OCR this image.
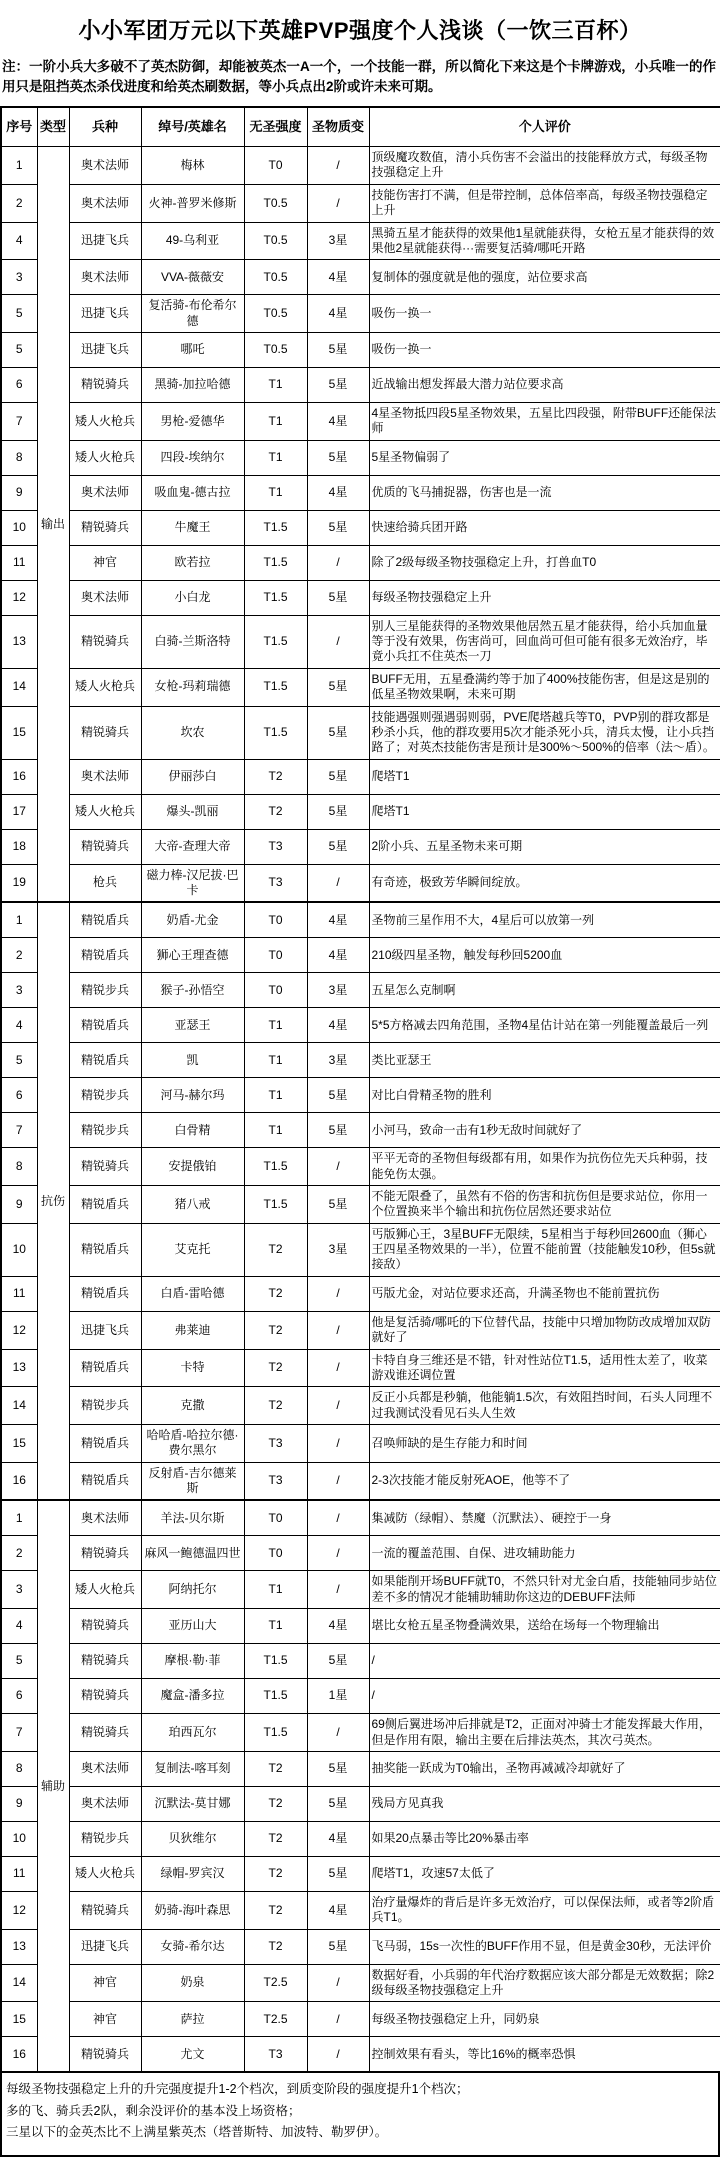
小小军团万元以下英雄PVP强度个人浅谈（一饮三百杯）
注：一阶小兵大多破不了英杰防御，却能被英杰一A一个，一个技能一群，所以简化下来这是个卡牌游戏，小兵唯一的作用只是阻挡英杰杀伐进度和给英杰刷数据，等小兵点出2阶或许未来可期。
序号	类型	兵种	绰号/英雄名	无圣强度	圣物质变	个人评价
1	输出	奥术法师	梅林	T0	/	顶级魔攻数值，清小兵伤害不会溢出的技能释放方式，每级圣物技强稳定上升
2		奥术法师	火神-普罗米修斯	T0.5	/	技能伤害打不满，但是带控制，总体倍率高，每级圣物技强稳定上升
4		迅捷飞兵	49-乌利亚	T0.5	3星	黑骑五星才能获得的效果他1星就能获得，女枪五星才能获得的效果他2星就能获得···需要复活骑/哪吒开路
3		奥术法师	VVA-薇薇安	T0.5	4星	复制体的强度就是他的强度，站位要求高
5		迅捷飞兵	复活骑-布伦希尔德	T0.5	4星	吸伤一换一
5		迅捷飞兵	哪吒	T0.5	5星	吸伤一换一
6		精锐骑兵	黑骑-加拉哈德	T1	5星	近战输出想发挥最大潜力站位要求高
7		矮人火枪兵	男枪-爱德华	T1	4星	4星圣物抵四段5星圣物效果，五星比四段强，附带BUFF还能保法师
8		矮人火枪兵	四段-埃纳尔	T1	5星	5星圣物偏弱了
9		奥术法师	吸血鬼-德古拉	T1	4星	优质的飞马捕捉器，伤害也是一流
10		精锐骑兵	牛魔王	T1.5	5星	快速给骑兵团开路
11		神官	欧若拉	T1.5	/	除了2级每级圣物技强稳定上升，打兽血T0
12		奥术法师	小白龙	T1.5	5星	每级圣物技强稳定上升
13		精锐骑兵	白骑-兰斯洛特	T1.5	/	别人三星能获得的圣物效果他居然五星才能获得，给小兵加血量等于没有效果，伤害尚可，回血尚可但可能有很多无效治疗，毕竟小兵扛不住英杰一刀
14		矮人火枪兵	女枪-玛莉瑞德	T1.5	5星	BUFF无用，五星叠满约等于加了400%技能伤害，但是这是别的低星圣物效果啊，未来可期
15		精锐骑兵	坎农	T1.5	5星	技能遇强则强遇弱则弱，PVE爬塔越兵等T0，PVP别的群攻都是秒杀小兵，他的群攻要用5次才能杀死小兵，清兵太慢，让小兵挡路了；对英杰技能伤害是预计是300%～500%的倍率（法～盾）。
16		奥术法师	伊丽莎白	T2	5星	爬塔T1
17		矮人火枪兵	爆头-凯丽	T2	5星	爬塔T1
18		精锐骑兵	大帝-查理大帝	T3	5星	2阶小兵、五星圣物未来可期
19		枪兵	磁力棒-汉尼拔·巴卡	T3	/	有奇迹，极致芳华瞬间绽放。
1	抗伤	精锐盾兵	奶盾-尤金	T0	4星	圣物前三星作用不大，4星后可以放第一列
2		精锐盾兵	狮心王理查德	T0	4星	210级四星圣物，触发每秒回5200血
3		精锐步兵	猴子-孙悟空	T0	3星	五星怎么克制啊
4		精锐盾兵	亚瑟王	T1	4星	5*5方格减去四角范围，圣物4星估计站在第一列能覆盖最后一列
5		精锐盾兵	凯	T1	3星	类比亚瑟王
6		精锐步兵	河马-赫尔玛	T1	5星	对比白骨精圣物的胜利
7		精锐步兵	白骨精	T1	5星	小河马，致命一击有1秒无敌时间就好了
8		精锐骑兵	安提俄铂	T1.5	/	平平无奇的圣物但每级都有用，如果作为抗伤位先天兵种弱，技能免伤太强。
9		精锐盾兵	猪八戒	T1.5	5星	不能无限叠了，虽然有不俗的伤害和抗伤但是要求站位，你用一个位置换来半个输出和抗伤位居然还要求站位
10		精锐盾兵	艾克托	T2	3星	丐版狮心王，3星BUFF无限续，5星相当于每秒回2600血（狮心王四星圣物效果的一半），位置不能前置（技能触发10秒，但5s就接敌）
11		精锐盾兵	白盾-雷哈德	T2	/	丐版尤金，对站位要求还高，升满圣物也不能前置抗伤
12		迅捷飞兵	弗莱迪	T2	/	他是复活骑/哪吒的下位替代品，技能中只增加物防改成增加双防就好了
13		精锐盾兵	卡特	T2	/	卡特自身三维还是不错，针对性站位T1.5，适用性太差了，收菜游戏谁还调位置
14		精锐步兵	克撒	T2	/	反正小兵都是秒躺，他能躺1.5次，有效阻挡时间，石头人同理不过我测试没看见石头人生效
15		精锐盾兵	哈哈盾-哈拉尔德·费尔黑尔	T3	/	召唤师缺的是生存能力和时间
16		精锐盾兵	反射盾-吉尔德莱斯	T3	/	2-3次技能才能反射死AOE，他等不了
1	辅助	奥术法师	羊法-贝尔斯	T0	/	集减防（绿帽）、禁魔（沉默法）、硬控于一身
2		精锐骑兵	麻风一鲍德温四世	T0	/	一流的覆盖范围、自保、进攻辅助能力
3		矮人火枪兵	阿纳托尔	T1	/	如果能削开场BUFF就T0，不然只针对尤金白盾，技能轴同步站位差不多的情况才能辅助辅助你这边的DEBUFF法师
4		精锐骑兵	亚历山大	T1	4星	堪比女枪五星圣物叠满效果，送给在场每一个物理输出
5		精锐骑兵	摩根·勒·菲	T1.5	5星	/
6		精锐骑兵	魔盒-潘多拉	T1.5	1星	/
7		精锐骑兵	珀西瓦尔	T1.5	/	69侧后翼进场冲后排就是T2，正面对冲骑士才能发挥最大作用，但是作用有限，输出主要在后排法英杰，其次弓英杰。
8		奥术法师	复制法-喀耳刻	T2	5星	抽奖能一跃成为T0输出，圣物再减减冷却就好了
9		奥术法师	沉默法-莫甘娜	T2	5星	残局方见真我
10		精锐步兵	贝狄维尔	T2	4星	如果20点暴击等比20%暴击率
11		矮人火枪兵	绿帽-罗宾汉	T2	5星	爬塔T1，攻速57太低了
12		精锐骑兵	奶骑-海叶森思	T2	4星	治疗量爆炸的背后是许多无效治疗，可以保保法师，或者等2阶盾兵T1。
13		迅捷飞兵	女骑-希尔达	T2	5星	飞马弱，15s一次性的BUFF作用不显，但是黄金30秒，无法评价
14		神官	奶泉	T2.5	/	数据好看，小兵弱的年代治疗数据应该大部分都是无效数据；除2级每级圣物技强稳定上升
15		神官	萨拉	T2.5	/	每级圣物技强稳定上升，同奶泉
16		精锐骑兵	尤文	T3	/	控制效果有看头，等比16%的概率恐惧
每级圣物技强稳定上升的升完强度提升1-2个档次，到质变阶段的强度提升1个档次；
多的飞、骑兵丢2队，剩余没评价的基本没上场资格；
三星以下的金英杰比不上满星紫英杰（塔普斯特、加波特、勒罗伊）。
